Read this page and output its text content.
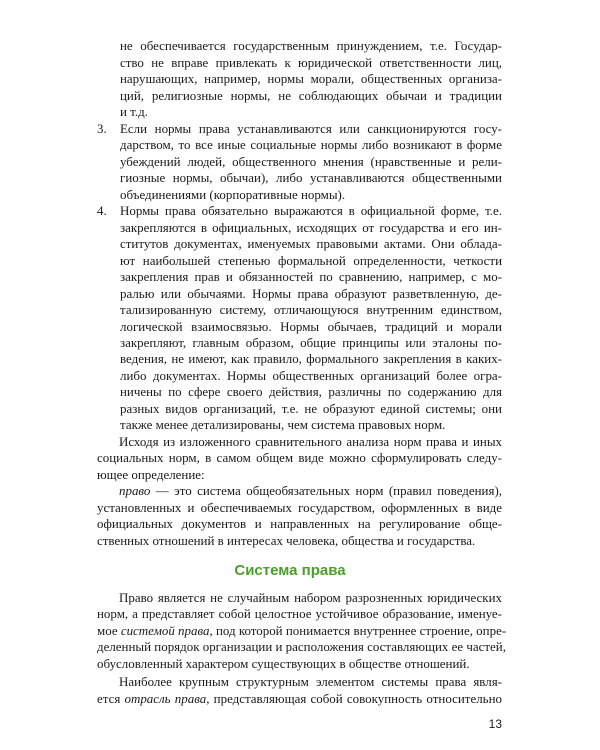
не обеспечивается государственным принуждением, т.е. Государ-
ство не вправе привлекать к юридической ответственности лиц,
нарушающих, например, нормы морали, общественных организа-
ций, религиозные нормы, не соблюдающих обычаи и традиции
и т.д.
3. Если нормы права устанавливаются или санкционируются госу-
дарством, то все иные социальные нормы либо возникают в форме
убеждений людей, общественного мнения (нравственные и рели-
гиозные нормы, обычаи), либо устанавливаются общественными
объединениями (корпоративные нормы).
4. Нормы права обязательно выражаются в официальной форме, т.е.
закрепляются в официальных, исходящих от государства и его ин-
ститутов документах, именуемых правовыми актами. Они облада-
ют наибольшей степенью формальной определенности, четкости
закрепления прав и обязанностей по сравнению, например, с мо-
ралью или обычаями. Нормы права образуют разветвленную, де-
тализированную систему, отличающуюся внутренним единством,
логической взаимосвязью. Нормы обычаев, традиций и морали
закрепляют, главным образом, общие принципы или эталоны по-
ведения, не имеют, как правило, формального закрепления в каких-
либо документах. Нормы общественных организаций более огра-
ничены по сфере своего действия, различны по содержанию для
разных видов организаций, т.е. не образуют единой системы; они
также менее детализированы, чем система правовых норм.
Исходя из изложенного сравнительного анализа норм права и иных
социальных норм, в самом общем виде можно сформулировать следу-
ющее определение:
право — это система общеобязательных норм (правил поведения),
установленных и обеспечиваемых государством, оформленных в виде
официальных документов и направленных на регулирование обще-
ственных отношений в интересах человека, общества и государства.
Система права
Право является не случайным набором разрозненных юридических
норм, а представляет собой целостное устойчивое образование, именуе-
мое системой права, под которой понимается внутреннее строение, опре-
деленный порядок организации и расположения составляющих ее частей,
обусловленный характером существующих в обществе отношений.
Наиболее крупным структурным элементом системы права явля-
ется отрасль права, представляющая собой совокупность относительно
13
